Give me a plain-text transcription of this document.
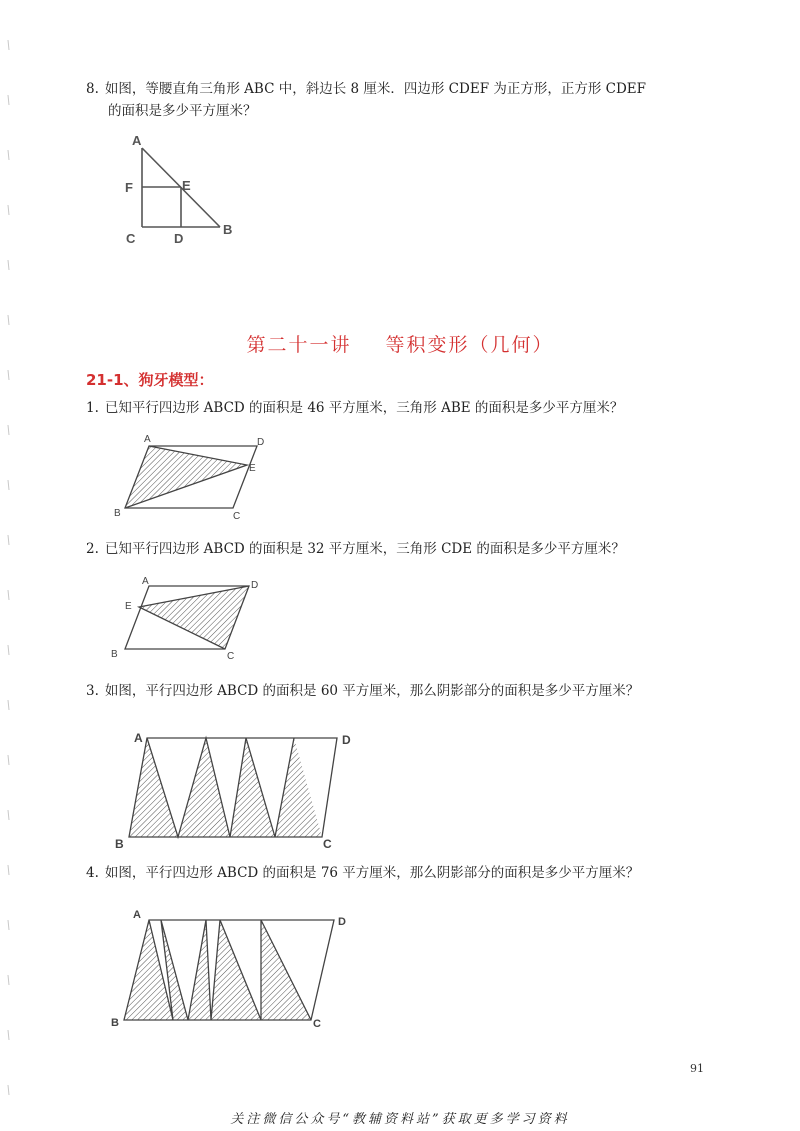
8. 如图，等腰直角三角形 ABC 中，斜边长 8 厘米．四边形 CDEF 为正方形，正方形 CDEF
的面积是多少平方厘米？
A
F	E
C	D
B
第二十一讲 等积变形（几何）
21-1、狗牙模型：
1. 已知平行四边形 ABCD 的面积是 46 平方厘米，三角形 ABE 的面积是多少平方厘米？
A	D
E
B	C
2. 已知平行四边形 ABCD 的面积是 32 平方厘米，三角形 CDE 的面积是多少平方厘米？
A	D
E
B	C
3. 如图，平行四边形 ABCD 的面积是 60 平方厘米，那么阴影部分的面积是多少平方厘米？
A	D
B	C
4. 如图，平行四边形 ABCD 的面积是 76 平方厘米，那么阴影部分的面积是多少平方厘米？
A
D
B	C
91
关注微信公众号“教辅资料站”获取更多学习资料
